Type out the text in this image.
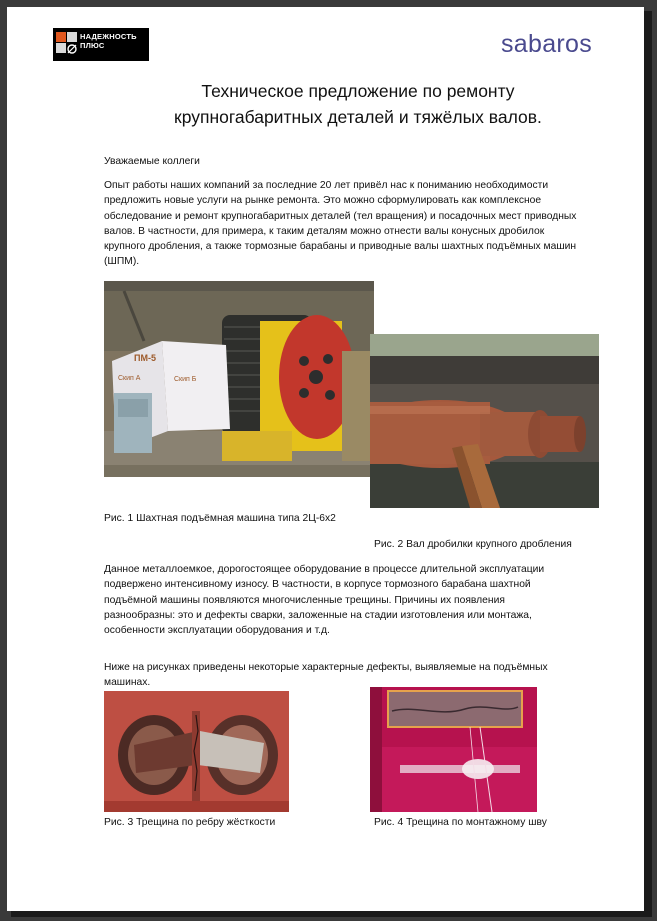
НАДЕЖНОСТЬ
ПЛЮС	sabaros
Техническое предложение по ремонту
крупногабаритных деталей и тяжёлых валов.
Уважаемые коллеги
Опыт работы наших компаний за последние 20 лет привёл нас к пониманию необходимости
предложить новые услуги на рынке ремонта. Это можно сформулировать как комплексное
обследование и ремонт крупногабаритных деталей (тел вращения) и посадочных мест приводных
валов. В частности, для примера, к таким деталям можно отнести валы конусных дробилок
крупного дробления, а также тормозные барабаны и приводные валы шахтных подъёмных машин
(ШПМ).
ПМ-5
Скип А	Скип Б
Рис. 1 Шахтная подъёмная машина типа 2Ц-6х2
Рис. 2 Вал дробилки крупного дробления
Данное металлоемкое, дорогостоящее оборудование в процессе длительной эксплуатации
подвержено интенсивному износу. В частности, в корпусе тормозного барабана шахтной
подъёмной машины появляются многочисленные трещины. Причины их появления
разнообразны: это и дефекты сварки, заложенные на стадии изготовления или монтажа,
особенности эксплуатации оборудования и т.д.
Ниже на рисунках приведены некоторые характерные дефекты, выявляемые на подъёмных
машинах.
Рис. 3 Трещина по ребру жёсткости	Рис. 4 Трещина по монтажному шву
